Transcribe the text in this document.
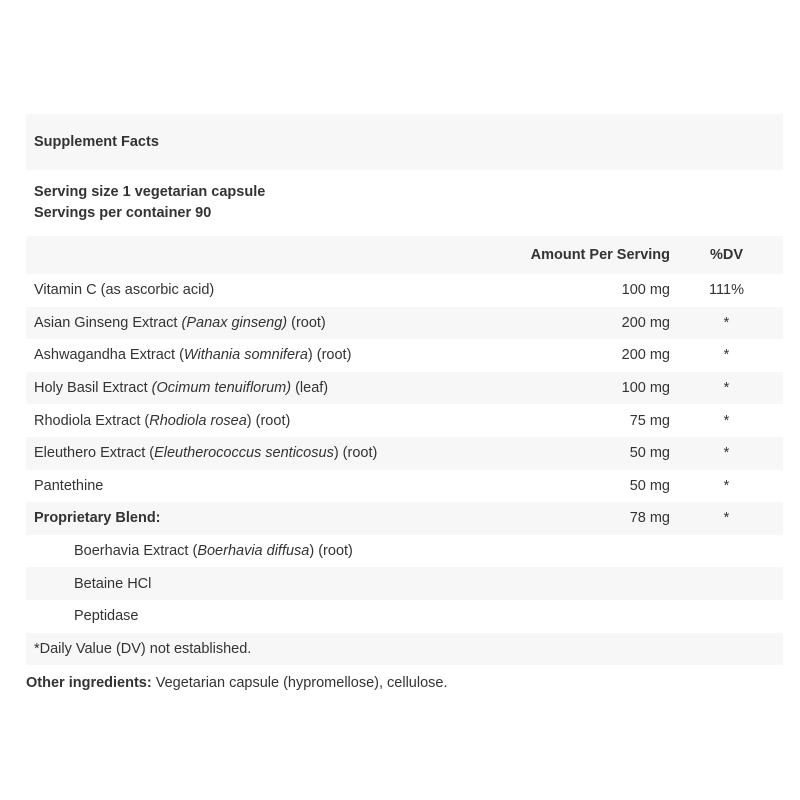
Supplement Facts
Serving size 1 vegetarian capsule
Servings per container 90
Amount Per Serving	%DV
Vitamin C (as ascorbic acid)	100 mg	111%
Asian Ginseng Extract (Panax ginseng) (root)	200 mg	*
Ashwagandha Extract (Withania somnifera) (root)	200 mg	*
Holy Basil Extract (Ocimum tenuiflorum) (leaf)	100 mg	*
Rhodiola Extract (Rhodiola rosea) (root)	75 mg	*
Eleuthero Extract (Eleutherococcus senticosus) (root)	50 mg	*
Pantethine	50 mg	*
Proprietary Blend:	78 mg	*
Boerhavia Extract (Boerhavia diffusa) (root)
Betaine HCl
Peptidase
*Daily Value (DV) not established.
Other ingredients: Vegetarian capsule (hypromellose), cellulose.
